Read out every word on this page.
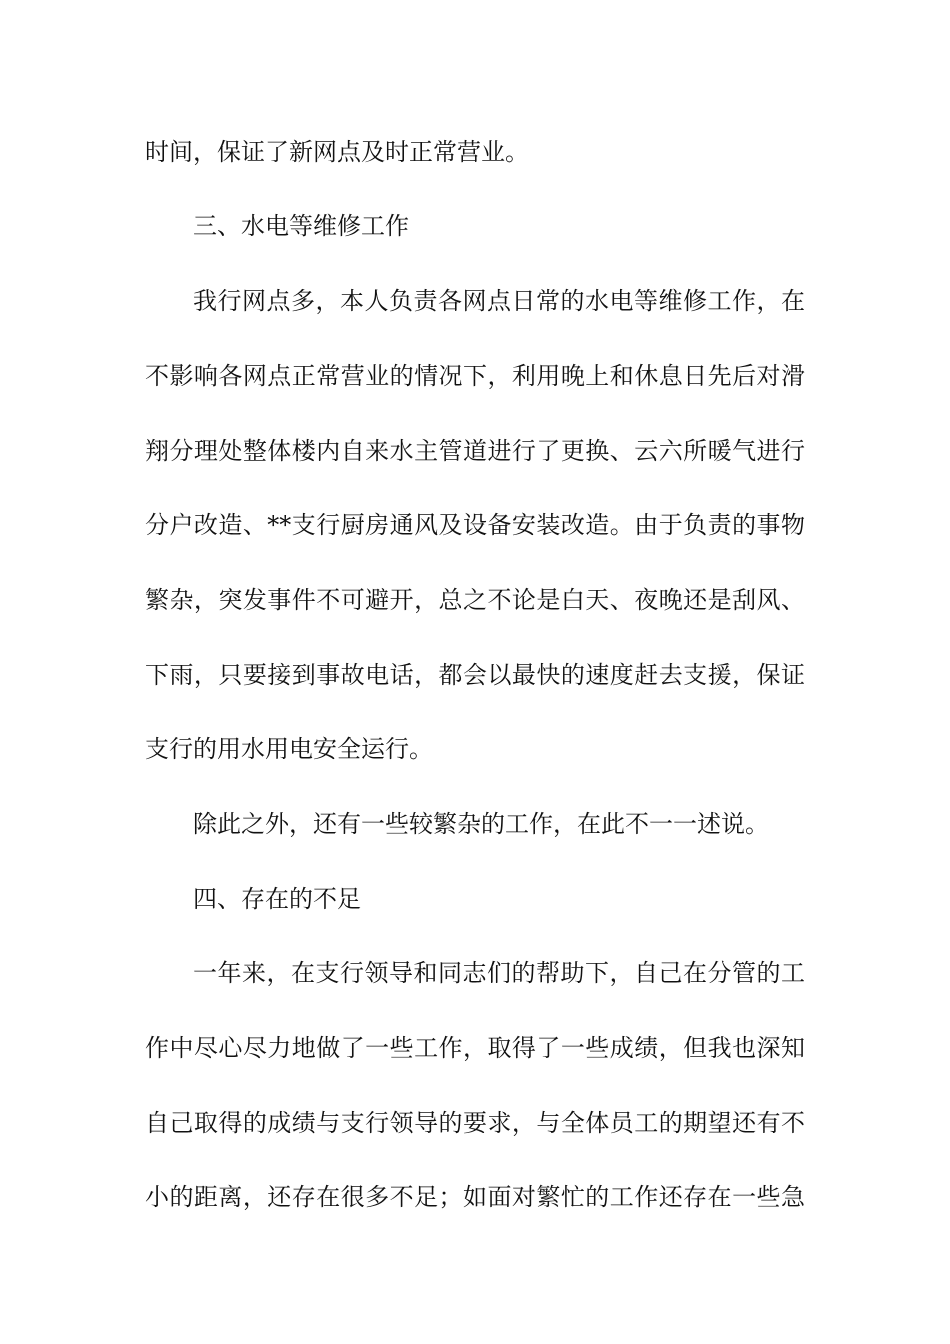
时间，保证了新网点及时正常营业。
三、水电等维修工作
我行网点多，本人负责各网点日常的水电等维修工作，在
不影响各网点正常营业的情况下，利用晚上和休息日先后对滑
翔分理处整体楼内自来水主管道进行了更换、云六所暖气进行
分户改造、**支行厨房通风及设备安装改造。由于负责的事物
繁杂，突发事件不可避开，总之不论是白天、夜晚还是刮风、
下雨，只要接到事故电话，都会以最快的速度赶去支援，保证
支行的用水用电安全运行。
除此之外，还有一些较繁杂的工作，在此不一一述说。
四、存在的不足
一年来，在支行领导和同志们的帮助下，自己在分管的工
作中尽心尽力地做了一些工作，取得了一些成绩，但我也深知
自己取得的成绩与支行领导的要求，与全体员工的期望还有不
小的距离，还存在很多不足；如面对繁忙的工作还存在一些急
